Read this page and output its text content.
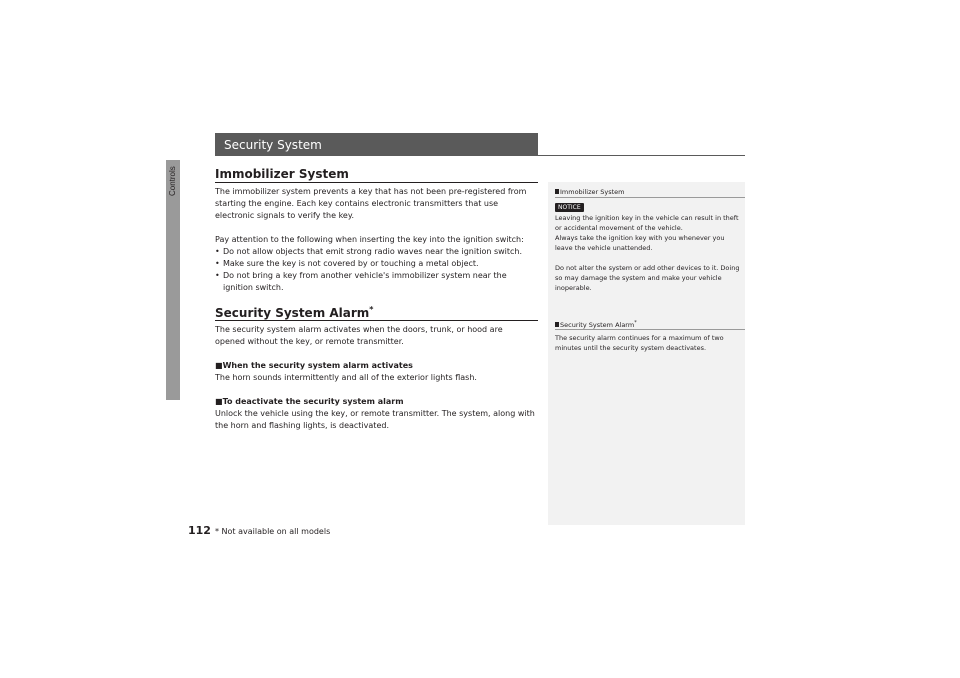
Controls
Security System
Immobilizer System

The immobilizer system prevents a key that has not been pre-registered from starting the engine. Each key contains electronic transmitters that use electronic signals to verify the key.

Pay attention to the following when inserting the key into the ignition switch:

• Do not allow objects that emit strong radio waves near the ignition switch.

• Make sure the key is not covered by or touching a metal object.

• Do not bring a key from another vehicle's immobilizer system near the ignition switch.

Security System Alarm*

The security system alarm activates when the doors, trunk, or hood are opened without the key, or remote transmitter.

■When the security system alarm activates

The horn sounds intermittently and all of the exterior lights flash.

■To deactivate the security system alarm

Unlock the vehicle using the key, or remote transmitter. The system, along with the horn and flashing lights, is deactivated.

Immobilizer System
NOTICE

Leaving the ignition key in the vehicle can result in theft or accidental movement of the vehicle.

Always take the ignition key with you whenever you leave the vehicle unattended.

Do not alter the system or add other devices to it. Doing so may damage the system and make your vehicle inoperable.

Security System Alarm*
The security alarm continues for a maximum of two minutes until the security system deactivates.
112 * Not available on all models
